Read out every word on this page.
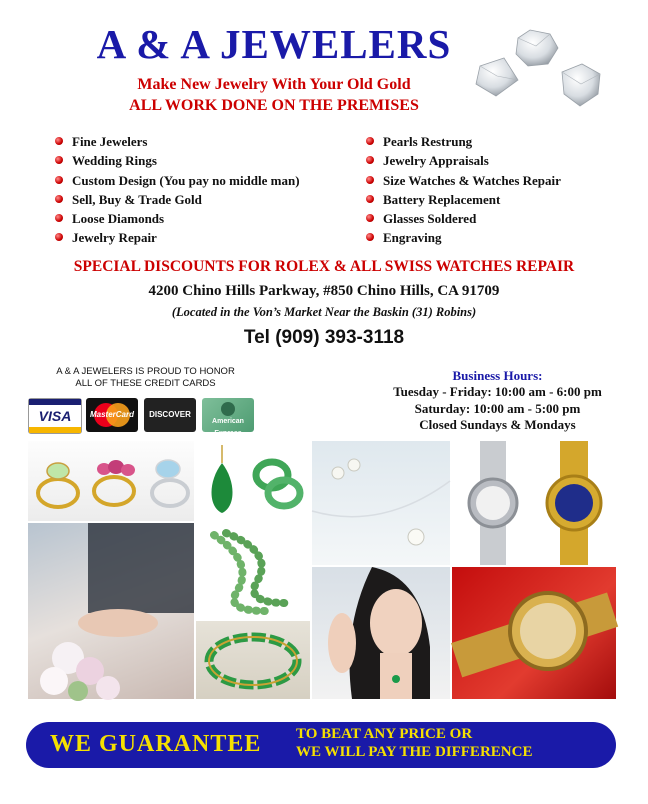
A & A JEWELERS
Make New Jewelry With Your Old Gold
ALL WORK DONE ON THE PREMISES
Fine Jewelers
Wedding Rings
Custom Design (You pay no middle man)
Sell, Buy & Trade Gold
Loose Diamonds
Jewelry Repair
Pearls Restrung
Jewelry Appraisals
Size Watches & Watches Repair
Battery Replacement
Glasses Soldered
Engraving
SPECIAL DISCOUNTS FOR ROLEX & ALL SWISS WATCHES REPAIR
4200 Chino Hills Parkway, #850 Chino Hills, CA 91709
(Located in the Von’s Market Near the Baskin (31) Robins)
Tel (909) 393-3118
A & A JEWELERS IS PROUD TO HONOR
ALL OF THESE CREDIT CARDS
VISA	MasterCard	DISCOVER
American Express
Business Hours:
Tuesday - Friday: 10:00 am - 6:00 pm
Saturday: 10:00 am - 5:00 pm
Closed Sundays & Mondays
WE GUARANTEE TO BEAT ANY PRICE OR
WE WILL PAY THE DIFFERENCE
